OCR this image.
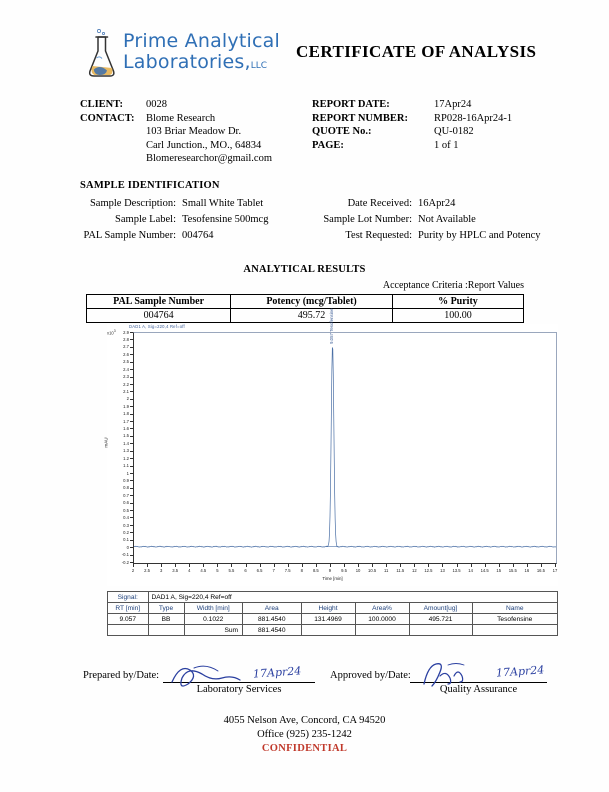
Prime Analytical
Laboratories,LLC
CERTIFICATE OF ANALYSIS
CLIENT:	0028
CONTACT:	Blome Research
103 Briar Meadow Dr.
Carl Junction., MO., 64834
Blomeresearchor@gmail.com
REPORT DATE:	17Apr24
REPORT NUMBER:	RP028-16Apr24-1
QUOTE No.:	QU-0182
PAGE:	1 of 1
SAMPLE IDENTIFICATION
Sample Description: Small White Tablet
Sample Label: Tesofensine 500mcg
PAL Sample Number: 004764
Date Received: 16Apr24
Sample Lot Number: Not Available
Test Requested: Purity by HPLC and Potency
ANALYTICAL RESULTS
Acceptance Criteria :Report Values
PAL Sample Number	Potency (mcg/Tablet)	% Purity
004764	495.72	100.00
$x10^3$
DAD1 A, Sig=220,4 Ref=off
mAU
2.9
2.8
2.7
2.6
2.5
2.4
2.3
2.2
2.1
2
1.9
1.8
1.7
1.6
1.5
1.4
1.3
1.2
1.1
1
0.9
0.8
0.7
0.6
0.5
0.4
0.3
0.2
0.1
0
-0.1
-0.2
2	2.5	3	3.5	4	4.5	5	5.5	6	6.5	7	7.5	8	8.5	9	9.5	10	10.5	11	11.5	12	12.5	13	13.5	14	14.5	15	15.5	16	16.5	17
9.057 Tesofensine
Time [min]
Signal:	DAD1 A, Sig=220,4 Ref=off						
RT [min]	Type	Width [min]	Area	Height	Area%	Amount[ug]	Name
9.057	BB	0.1022	881.4540	131.4969	100.0000	495.721	Tesofensine
		Sum	881.4540				
Prepared by/Date:
Laboratory Services
17Apr24	Approved by/Date:
Quality Assurance
17Apr24
4055 Nelson Ave, Concord, CA 94520
Office (925) 235-1242
CONFIDENTIAL
